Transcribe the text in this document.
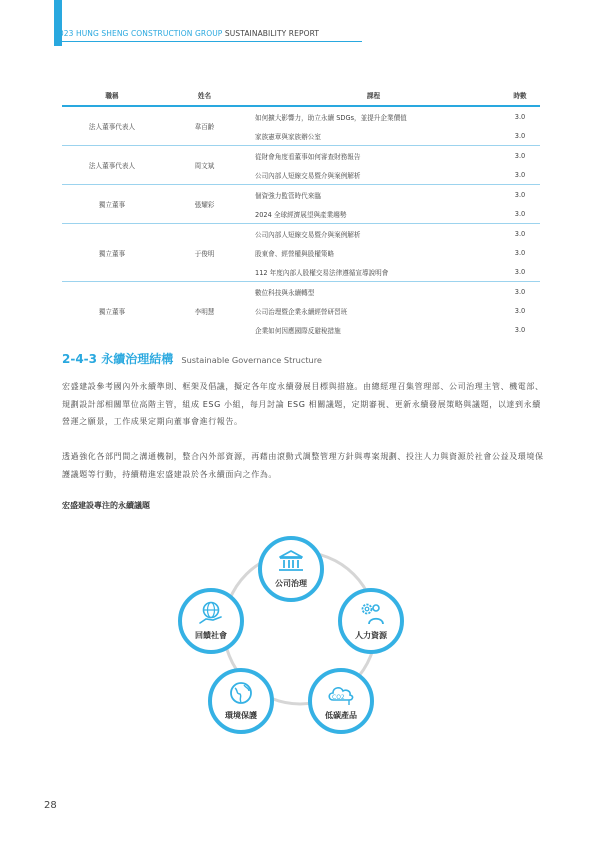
2023 HUNG SHENG CONSTRUCTION GROUP SUSTAINABILITY REPORT
職稱	姓名	課程	時數
法人董事代表人	韋百齡	如何擴大影響力，助立永續 SDGs，並提升企業價值	3.0
		家族憲章與家族辦公室	3.0
法人董事代表人	周文斌	從財會角度看董事如何審查財務報告	3.0
		公司內部人短線交易暨介與案例解析	3.0
獨立董事	張耀彩	個資強力監管時代來臨	3.0
		2024 全球經濟展望與產業趨勢	3.0
獨立董事	于俊明	公司內部人短線交易暨介與案例解析	3.0
		股東會、經營權與股權策略	3.0
		112 年度內部人股權交易法律遵循宣導說明會	3.0
獨立董事	李明慧	數位科技與永續轉型	3.0
		公司治理暨企業永續經營研習班	3.0
		企業如何因應國際反避稅措施	3.0
2-4-3 永續治理結構 Sustainable Governance Structure
宏盛建設參考國內外永續準則、框架及倡議，擬定各年度永續發展目標與措施。由總經理召集管理部、公司治理主管、機電部、規劃設計部相關單位高階主管，組成 ESG 小組，每月討論 ESG 相關議題，定期審視、更新永續發展策略與議題，以達到永續營運之願景，工作成果定期向董事會進行報告。
透過強化各部門間之溝通機制，整合內外部資源，再藉由滾動式調整管理方針與專案規劃、投注人力與資源於社會公益及環境保護議題等行動，持續精進宏盛建設於各永續面向之作為。
宏盛建設專注的永續議題
公司治理
人力資源
CO2
低碳產品
環境保護
回饋社會
28
